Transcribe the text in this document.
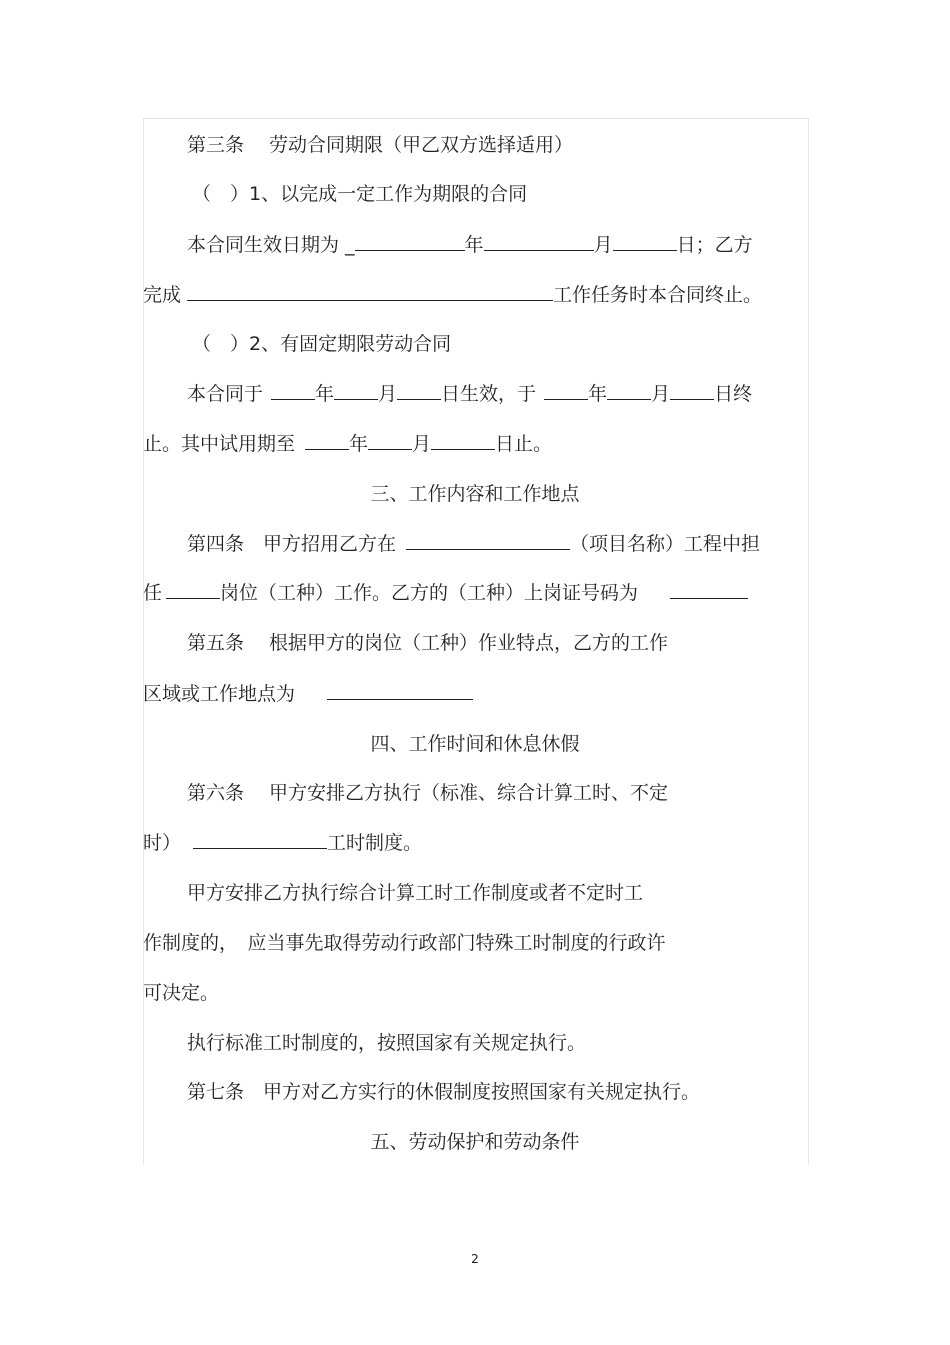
第三条　 劳动合同期限（甲乙双方选择适用）
（　）1、以完成一定工作为期限的合同
本合同生效日期为 _	年	月	日；乙方
完成	工作任务时本合同终止。
（　）2、有固定期限劳动合同
本合同于	年 月 日生效，于	年 月 日终
止。其中试用期至	年 月	日止。
三、工作内容和工作地点
第四条　甲方招用乙方在	（项目名称）工程中担
任	岗位（工种）工作。乙方的（工种）上岗证号码为
第五条　 根据甲方的岗位（工种）作业特点，乙方的工作
区域或工作地点为
四、工作时间和休息休假
第六条　 甲方安排乙方执行（标准、综合计算工时、不定
时）	工时制度。
甲方安排乙方执行综合计算工时工作制度或者不定时工
作制度的，　应当事先取得劳动行政部门特殊工时制度的行政许
可决定。
执行标准工时制度的，按照国家有关规定执行。
第七条　甲方对乙方实行的休假制度按照国家有关规定执行。
五、劳动保护和劳动条件
2
